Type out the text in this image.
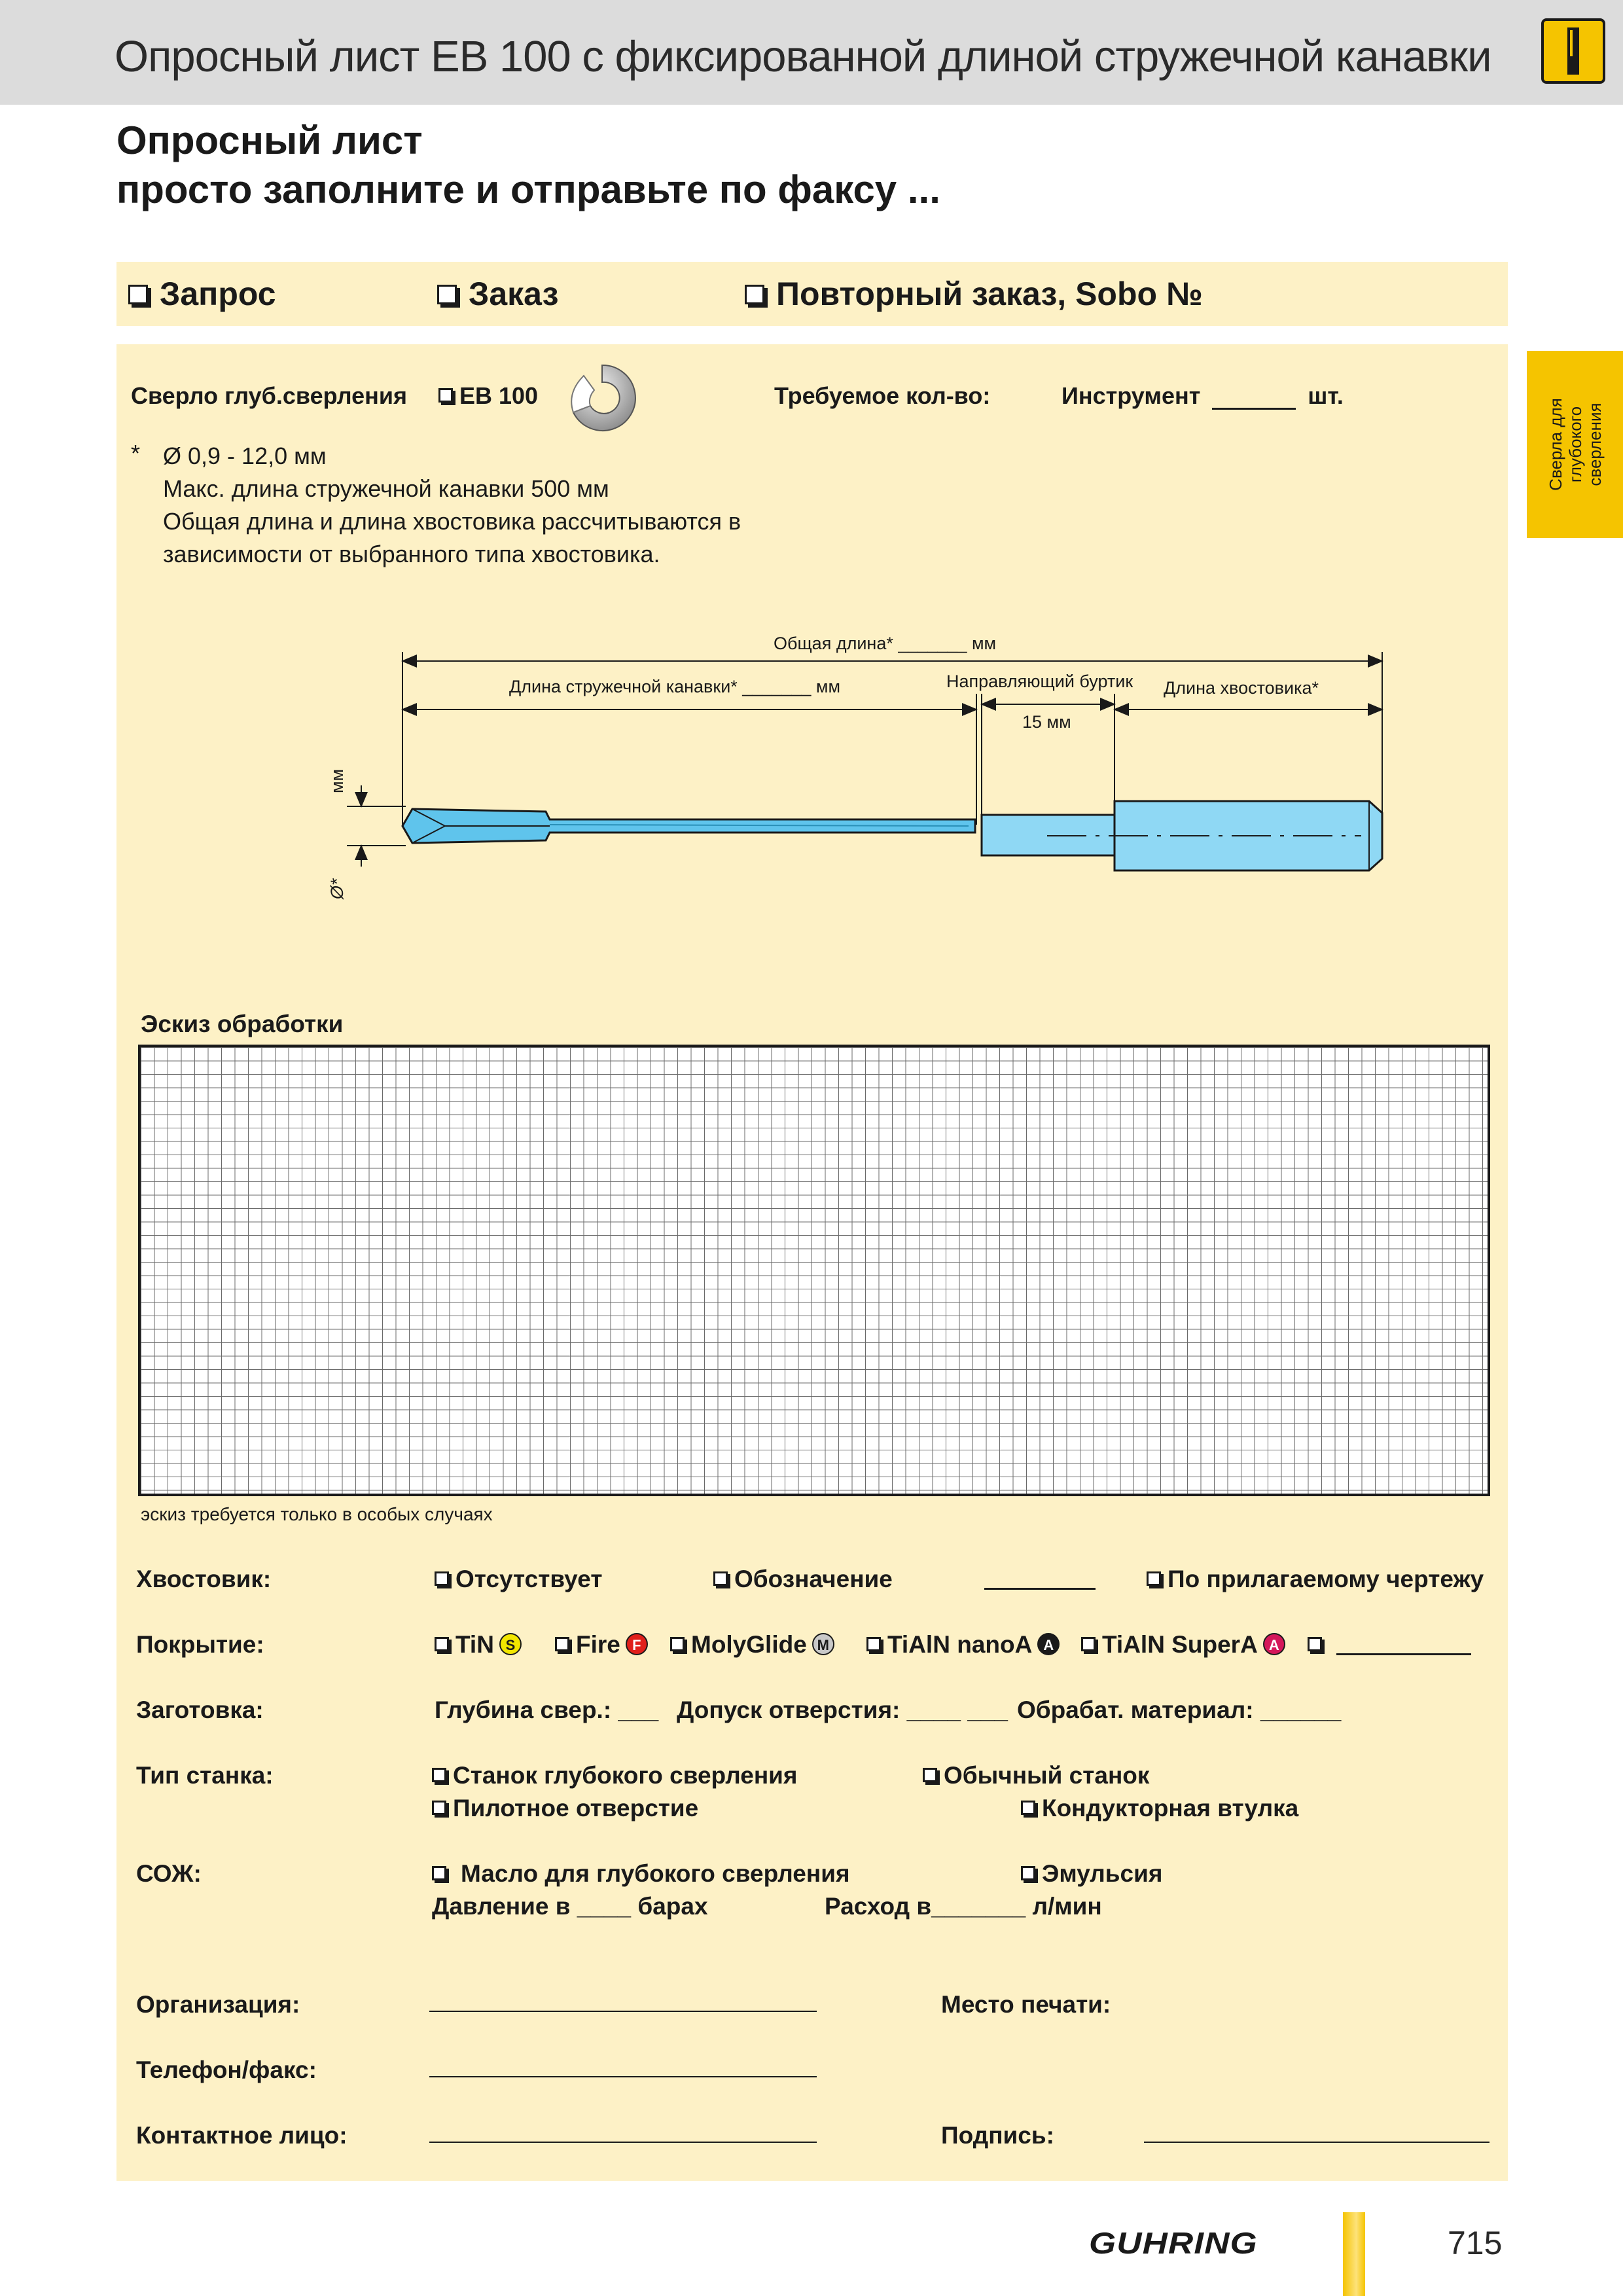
Опросный лист EB 100 с фиксированной длиной стружечной канавки
Опросный лист
просто заполните и отправьте по факсу ...
Запрос	Заказ	Повторный заказ, Sobo №
Сверла для глубокого сверления
Сверло глуб.сверления	EB 100	Требуемое кол-во:	Инструмент	шт.
* Ø 0,9 - 12,0 мм
Макс. длина стружечной канавки 500 мм
Общая длина и длина хвостовика рассчитываются в
зависимости от выбранного типа хвостовика.
Общая длина* _______ мм
Длина стружечной канавки* _______ мм	Направляющий буртик Длина хвостовика*
15 мм
мм
Ø*
Эскиз обработки
эскиз требуется только в особых случаях
Хвостовик:	Отсутствует	Обозначение	По прилагаемому чертежу
Покрытие:	TiN S	Fire F	MolyGlide M	TiAlN nanoA A	TiAlN SuperA A
Заготовка:	Глубина свер.: ___ Допуск отверстия: ____ ___ Обрабат. материал: ______
Тип станка:	Станок глубокого сверления	Обычный станок
Пилотное отверстие	Кондукторная втулка
СОЖ:	Масло для глубокого сверления	Эмульсия
Давление в ____ барах	Расход в_______ л/мин
Организация:
Телефон/факс:
Контактное лицо:
Место печати:
Подпись:
GUHRING	715
